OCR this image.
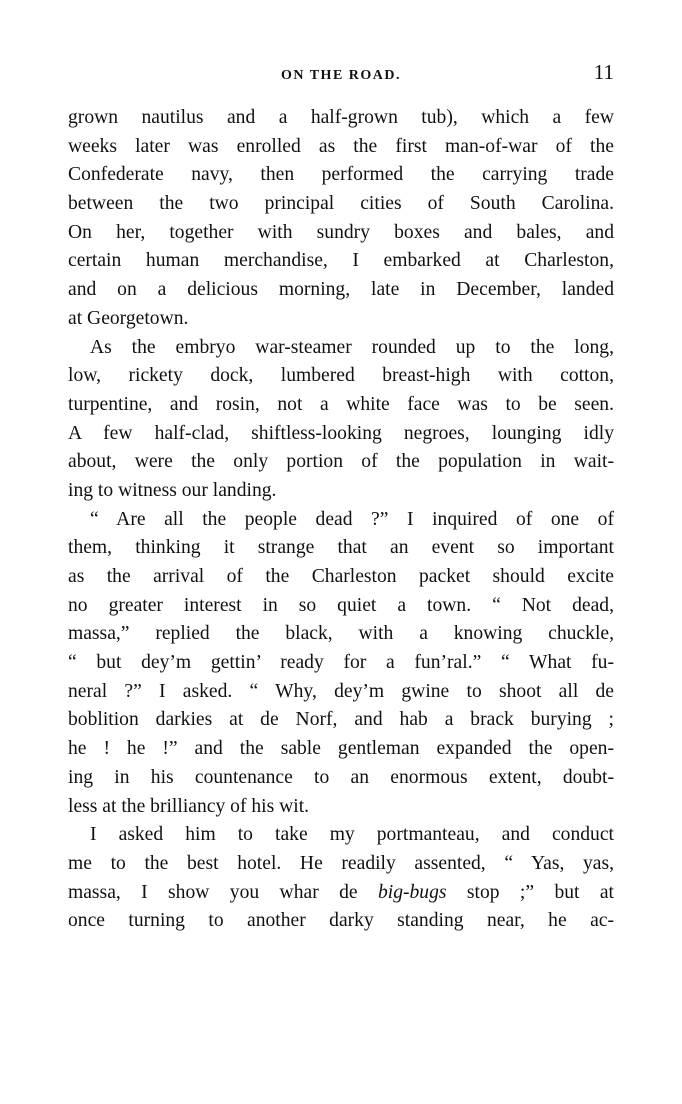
ON THE ROAD.	11
grown nautilus and a half-grown tub), which a few
weeks later was enrolled as the first man-of-war of the
Confederate navy, then performed the carrying trade
between the two principal cities of South Carolina.
On her, together with sundry boxes and bales, and
certain human merchandise, I embarked at Charleston,
and on a delicious morning, late in December, landed
at Georgetown.
As the embryo war-steamer rounded up to the long,
low, rickety dock, lumbered breast-high with cotton,
turpentine, and rosin, not a white face was to be seen.
A few half-clad, shiftless-looking negroes, lounging idly
about, were the only portion of the population in wait-
ing to witness our landing.
“ Are all the people dead ?” I inquired of one of
them, thinking it strange that an event so important
as the arrival of the Charleston packet should excite
no greater interest in so quiet a town. “ Not dead,
massa,” replied the black, with a knowing chuckle,
“ but dey’m gettin’ ready for a fun’ral.” “ What fu-
neral ?” I asked. “ Why, dey’m gwine to shoot all de
boblition darkies at de Norf, and hab a brack burying ;
he ! he !” and the sable gentleman expanded the open-
ing in his countenance to an enormous extent, doubt-
less at the brilliancy of his wit.
I asked him to take my portmanteau, and conduct
me to the best hotel. He readily assented, “ Yas, yas,
massa, I show you whar de big-bugs stop ;” but at
once turning to another darky standing near, he ac-
